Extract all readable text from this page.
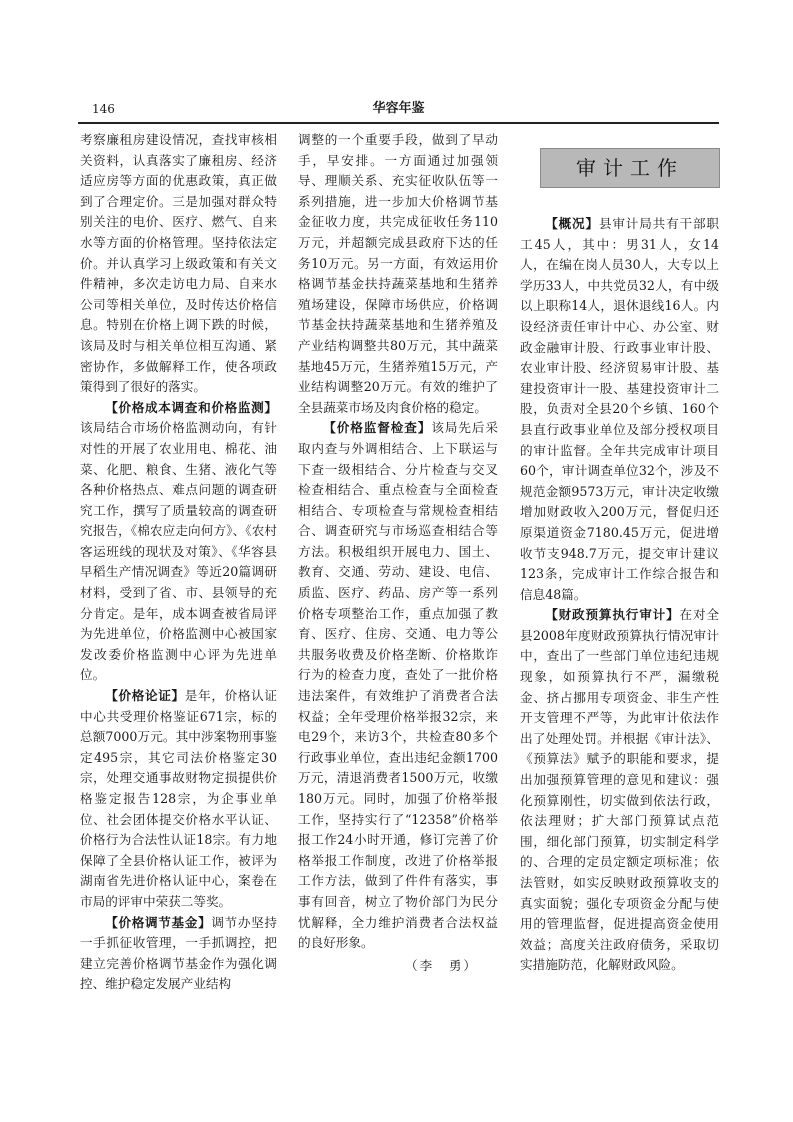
146	华容年鉴

考察廉租房建设情况，查找审核相关资料，认真落实了廉租房、经济适应房等方面的优惠政策，真正做到了合理定价。三是加强对群众特别关注的电价、医疗、燃气、自来水等方面的价格管理。坚持依法定价。并认真学习上级政策和有关文件精神，多次走访电力局、自来水公司等相关单位，及时传达价格信息。特别在价格上调下跌的时候，该局及时与相关单位相互沟通、紧密协作，多做解释工作，使各项政策得到了很好的落实。

【价格成本调查和价格监测】该局结合市场价格监测动向，有针对性的开展了农业用电、棉花、油菜、化肥、粮食、生猪、液化气等各种价格热点、难点问题的调查研究工作，撰写了质量较高的调查研究报告，《棉农应走向何方》、《农村客运班线的现状及对策》、《华容县早稻生产情况调查》等近20篇调研材料，受到了省、市、县领导的充分肯定。是年，成本调查被省局评为先进单位，价格监测中心被国家发改委价格监测中心评为先进单位。

【价格论证】是年，价格认证中心共受理价格鉴证671宗，标的总额7000万元。其中涉案物刑事鉴定495宗，其它司法价格鉴定30宗，处理交通事故财物定损提供价格鉴定报告128宗，为企事业单位、社会团体提交价格水平认证、价格行为合法性认证18宗。有力地保障了全县价格认证工作，被评为湖南省先进价格认证中心，案卷在市局的评审中荣获二等奖。

【价格调节基金】调节办坚持一手抓征收管理，一手抓调控，把建立完善价格调节基金作为强化调控、维护稳定发展产业结构

调整的一个重要手段，做到了早动手，早安排。一方面通过加强领导、理顺关系、充实征收队伍等一系列措施，进一步加大价格调节基金征收力度，共完成征收任务110万元，并超额完成县政府下达的任务10万元。另一方面，有效运用价格调节基金扶持蔬菜基地和生猪养殖场建设，保障市场供应，价格调节基金扶持蔬菜基地和生猪养殖及产业结构调整共80万元，其中蔬菜基地45万元，生猪养殖15万元，产业结构调整20万元。有效的维护了全县蔬菜市场及肉食价格的稳定。

【价格监督检查】该局先后采取内查与外调相结合、上下联运与下查一级相结合、分片检查与交叉检查相结合、重点检查与全面检查相结合、专项检查与常规检查相结合、调查研究与市场巡查相结合等方法。积极组织开展电力、国土、教育、交通、劳动、建设、电信、质监、医疗、药品、房产等一系列价格专项整治工作，重点加强了教育、医疗、住房、交通、电力等公共服务收费及价格垄断、价格欺诈行为的检查力度，查处了一批价格违法案件，有效维护了消费者合法权益；全年受理价格举报32宗，来电29个，来访3个，共检查80多个行政事业单位，查出违纪金额1700万元，清退消费者1500万元，收缴180万元。同时，加强了价格举报工作，坚持实行了“12358”价格举报工作24小时开通，修订完善了价格举报工作制度，改进了价格举报工作方法，做到了件件有落实，事事有回音，树立了物价部门为民分忧解释，全力维护消费者合法权益的良好形象。

（李　勇）

审计工作

【概况】县审计局共有干部职工45人，其中：男31人，女14人，在编在岗人员30人，大专以上学历33人，中共党员32人，有中级以上职称14人，退休退线16人。内设经济责任审计中心、办公室、财政金融审计股、行政事业审计股、农业审计股、经济贸易审计股、基建投资审计一股、基建投资审计二股，负责对全县20个乡镇、160个县直行政事业单位及部分授权项目的审计监督。全年共完成审计项目60个，审计调查单位32个，涉及不规范金额9573万元，审计决定收缴增加财政收入200万元，督促归还原渠道资金7180.45万元，促进增收节支948.7万元，提交审计建议123条，完成审计工作综合报告和信息48篇。

【财政预算执行审计】在对全县2008年度财政预算执行情况审计中，查出了一些部门单位违纪违规现象，如预算执行不严，漏缴税金、挤占挪用专项资金、非生产性开支管理不严等，为此审计依法作出了处理处罚。并根据《审计法》、《预算法》赋予的职能和要求，提出加强预算管理的意见和建议：强化预算刚性，切实做到依法行政，依法理财；扩大部门预算试点范围，细化部门预算，切实制定科学的、合理的定员定额定项标准；依法管财，如实反映财政预算收支的真实面貌；强化专项资金分配与使用的管理监督，促进提高资金使用效益；高度关注政府债务，采取切实措施防范，化解财政风险。
